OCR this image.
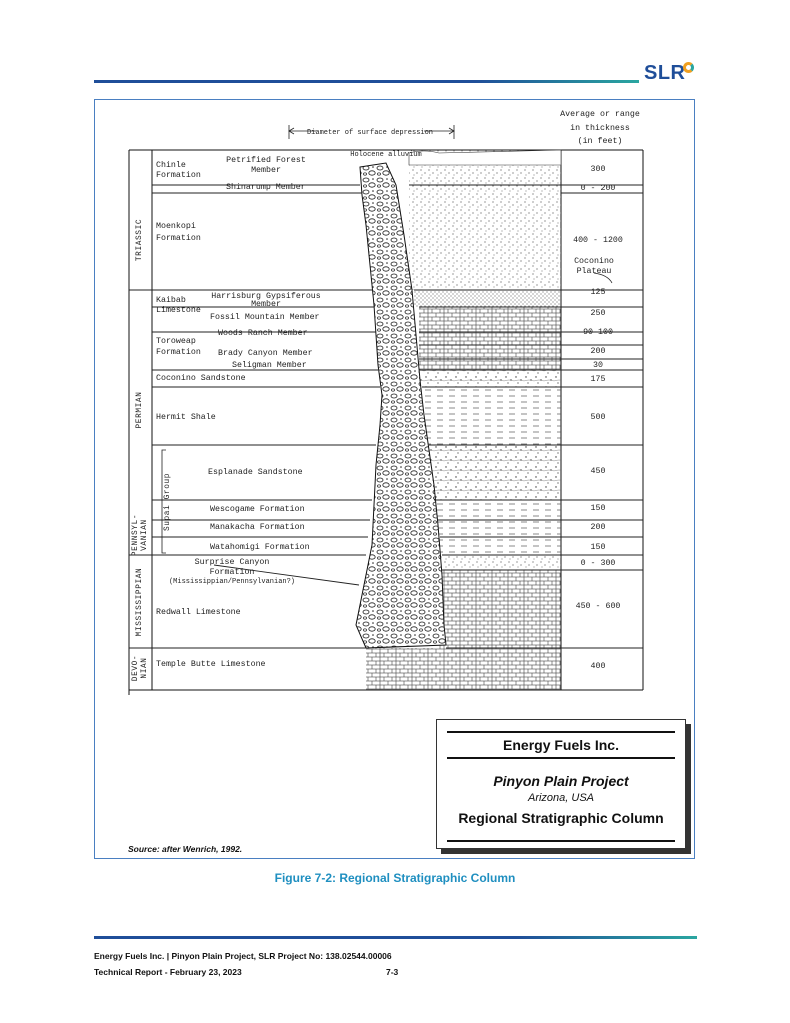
SLR
TRIASSIC
PERMIAN
PENNSYL- VANIAN
MISSISSIPPIAN
DEVO- NIAN
Supai Group
Average or range
in thickness
(in feet)
Diameter of surface depression
Holocene alluvium
Coconino
Plateau
Chinle
Formation
Petrified Forest
Member
Shinarump Member
Moenkopi
Formation
Kaibab
Limestone
Harrisburg Gypsiferous
Member
Fossil Mountain Member
Woods Ranch Member
Toroweap
Formation Brady Canyon Member
Seligman Member
Coconino Sandstone
Hermit Shale
Esplanade Sandstone
Wescogame Formation
Manakacha Formation
Watahomigi Formation
Surprise Canyon
Formation
(Mississippian/Pennsylvanian?)
Redwall Limestone
Temple Butte Limestone
300
0 - 200
400 - 1200
125
250
90-100
200
30
175
500
450
150
200
150
0 - 300
450 - 600
400
Energy Fuels Inc.
Pinyon Plain Project
Arizona, USA
Regional Stratigraphic Column
Source: after Wenrich, 1992.
Figure 7-2: Regional Stratigraphic Column
Energy Fuels Inc. | Pinyon Plain Project, SLR Project No: 138.02544.00006
Technical Report - February 23, 2023	7-3
